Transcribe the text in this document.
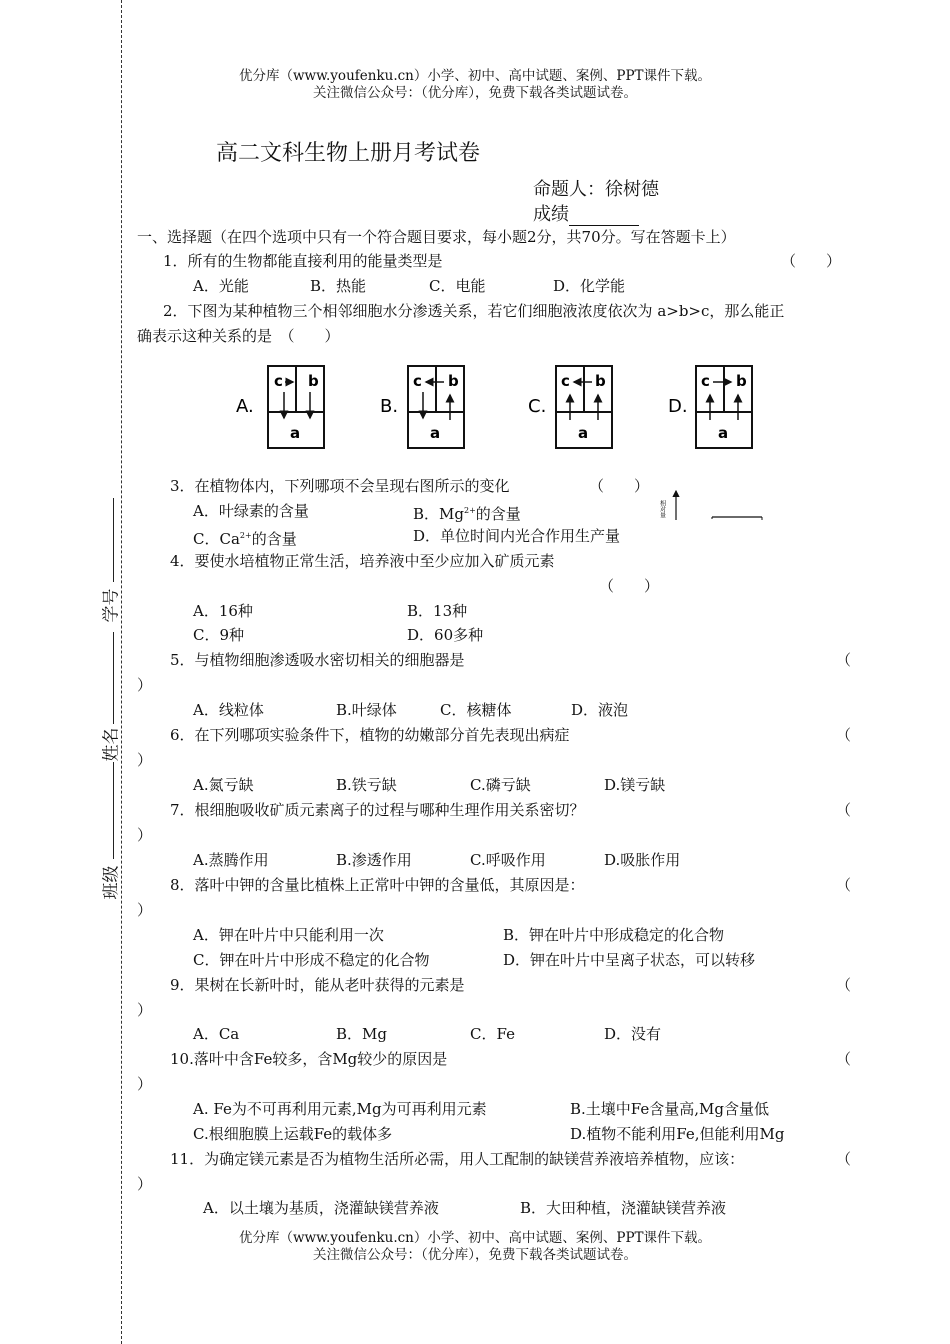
班级
姓名
学号
优分库（www.youfenku.cn）小学、初中、高中试题、案例、PPT课件下载。
关注微信公众号：（优分库），免费下载各类试题试卷。
高二文科生物上册月考试卷
命题人：徐树德
成绩
一、选择题（在四个选项中只有一个符合题目要求，每小题2分，共70分。写在答题卡上）
1．所有的生物都能直接利用的能量类型是	（　　）
A．光能	B．热能	C．电能	D．化学能
2．下图为某种植物三个相邻细胞水分渗透关系，若它们细胞液浓度依次为 a>b>c，那么能正
确表示这种关系的是　（　　）
A.
c b
a
B.
c b
a
C.
c b
a
D.
c b
a
3．在植物体内，下列哪项不会呈现右图所示的变化	（　　）
A．叶绿素的含量	B．$Mg^{2+}$的含量
C．$Ca^{2+}$的含量	D．单位时间内光合作用生产量
相对量
4．要使水培植物正常生活，培养液中至少应加入矿质元素
（　　）
A．16种	B．13种
C．9种	D．60多种
5．与植物细胞渗透吸水密切相关的细胞器是	（
）
A．线粒体	B.叶绿体	C．核糖体	D．液泡
6．在下列哪项实验条件下，植物的幼嫩部分首先表现出病症	（
）
A.氮亏缺	B.铁亏缺	C.磷亏缺	D.镁亏缺
7．根细胞吸收矿质元素离子的过程与哪种生理作用关系密切？	（
）
A.蒸腾作用	B.渗透作用	C.呼吸作用	D.吸胀作用
8．落叶中钾的含量比植株上正常叶中钾的含量低，其原因是：	（
）
A．钾在叶片中只能利用一次	B．钾在叶片中形成稳定的化合物
C．钾在叶片中形成不稳定的化合物	D．钾在叶片中呈离子状态，可以转移
9．果树在长新叶时，能从老叶获得的元素是	（
）
A．Ca	B．Mg	C．Fe	D．没有
10.落叶中含Fe较多，含Mg较少的原因是	（
）
A. Fe为不可再利用元素,Mg为可再利用元素	B.土壤中Fe含量高,Mg含量低
C.根细胞膜上运载Fe的载体多	D.植物不能利用Fe,但能利用Mg
11．为确定镁元素是否为植物生活所必需，用人工配制的缺镁营养液培养植物，应该：	（
）
A．以土壤为基质，浇灌缺镁营养液	B．大田种植，浇灌缺镁营养液
优分库（www.youfenku.cn）小学、初中、高中试题、案例、PPT课件下载。
关注微信公众号：（优分库），免费下载各类试题试卷。
